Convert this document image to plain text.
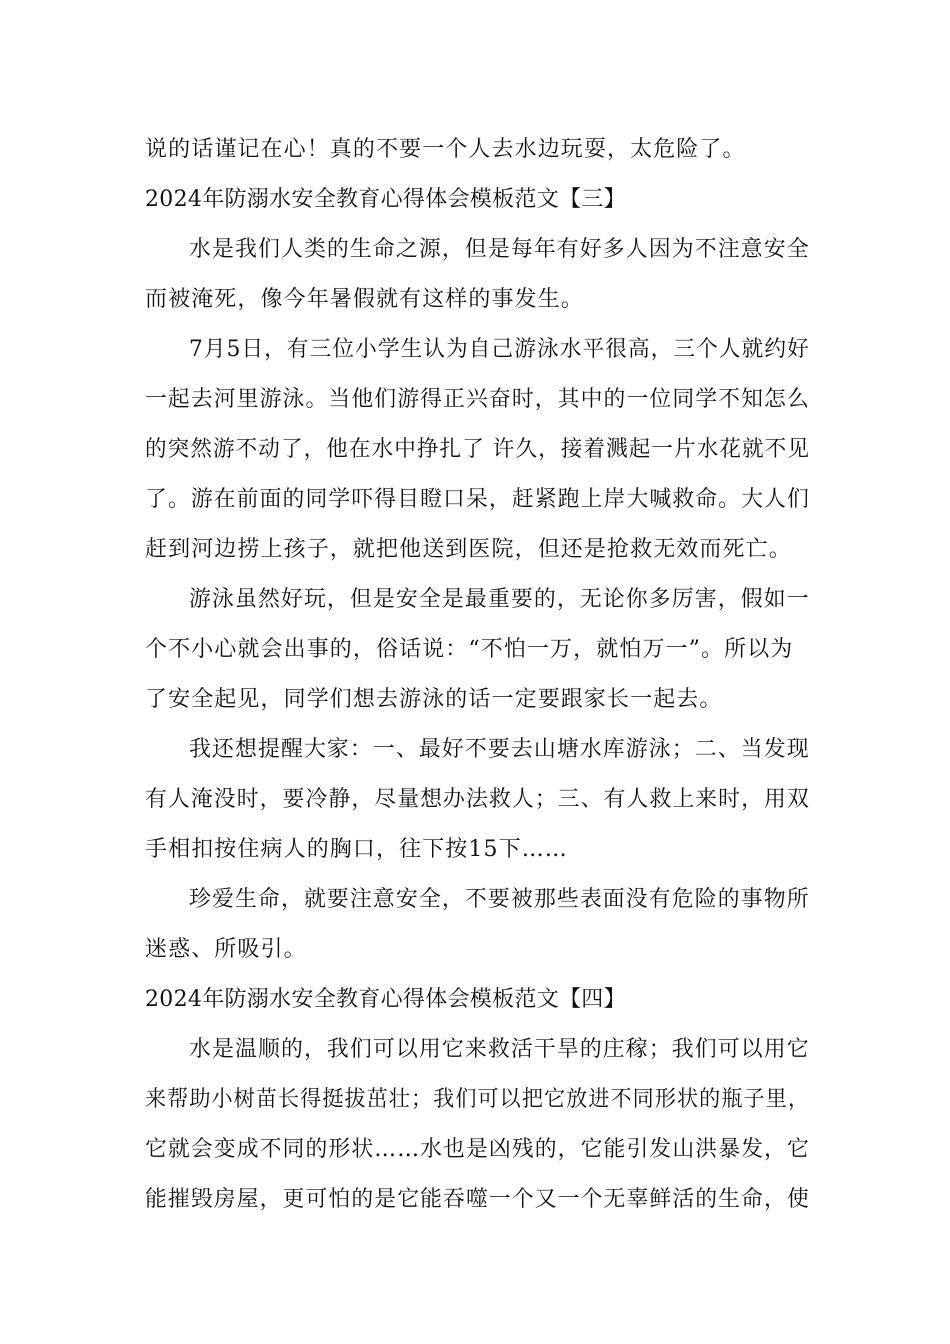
说的话谨记在心！真的不要一个人去水边玩耍，太危险了。
2024年防溺水安全教育心得体会模板范文【三】
水是我们人类的生命之源，但是每年有好多人因为不注意安全
而被淹死，像今年暑假就有这样的事发生。
7月5日，有三位小学生认为自己游泳水平很高，三个人就约好
一起去河里游泳。当他们游得正兴奋时，其中的一位同学不知怎么
的突然游不动了，他在水中挣扎了 许久，接着溅起一片水花就不见
了。游在前面的同学吓得目瞪口呆，赶紧跑上岸大喊救命。大人们
赶到河边捞上孩子，就把他送到医院，但还是抢救无效而死亡。
游泳虽然好玩，但是安全是最重要的，无论你多厉害，假如一
个不小心就会出事的，俗话说：“不怕一万，就怕万一”。所以为
了安全起见，同学们想去游泳的话一定要跟家长一起去。
我还想提醒大家：一、最好不要去山塘水库游泳；二、当发现
有人淹没时，要冷静，尽量想办法救人；三、有人救上来时，用双
手相扣按住病人的胸口，往下按15下……
珍爱生命，就要注意安全，不要被那些表面没有危险的事物所
迷惑、所吸引。
2024年防溺水安全教育心得体会模板范文【四】
水是温顺的，我们可以用它来救活干旱的庄稼；我们可以用它
来帮助小树苗长得挺拔茁壮；我们可以把它放进不同形状的瓶子里，
它就会变成不同的形状……水也是凶残的，它能引发山洪暴发，它
能摧毁房屋，更可怕的是它能吞噬一个又一个无辜鲜活的生命，使
